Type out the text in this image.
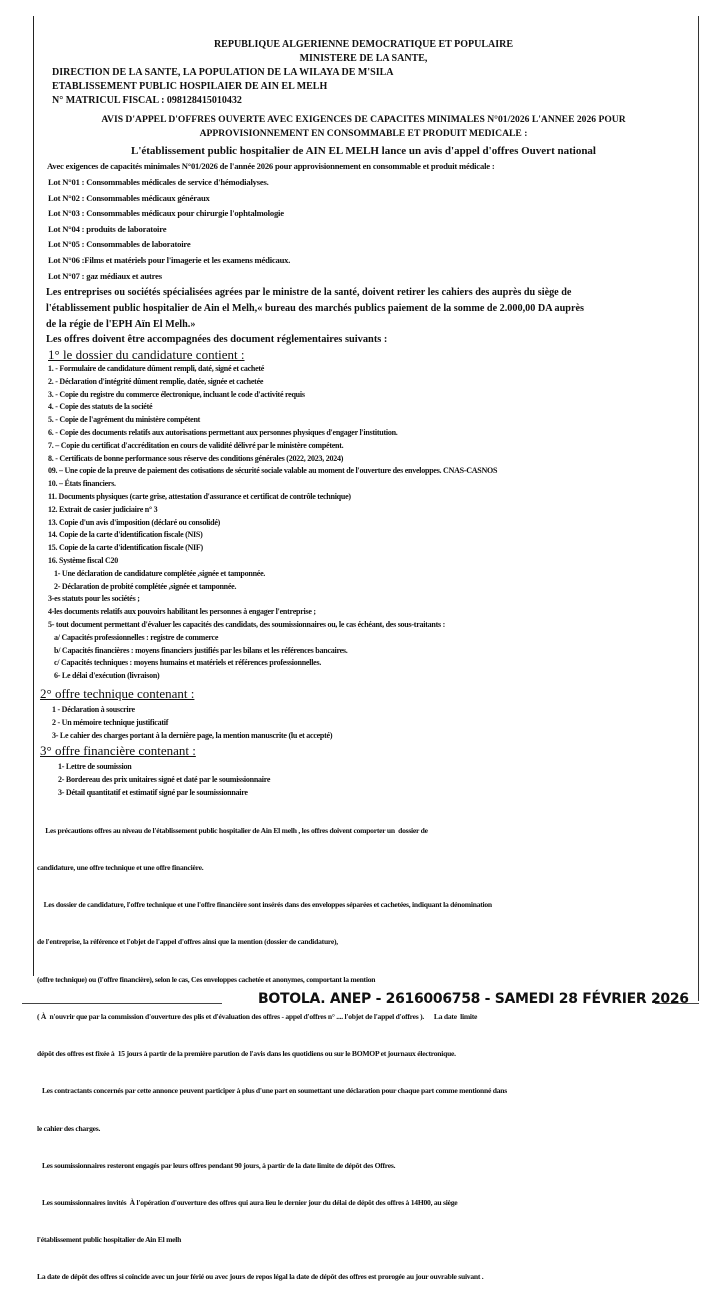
REPUBLIQUE ALGERIENNE DEMOCRATIQUE ET POPULAIRE
MINISTERE DE LA SANTE,
DIRECTION DE LA SANTE, LA POPULATION DE LA WILAYA DE M'SILA
ETABLISSEMENT PUBLIC HOSPILAIER DE AIN EL MELH
N° MATRICUL FISCAL : 098128415010432
AVIS D'APPEL D'OFFRES OUVERTE AVEC EXIGENCES DE CAPACITES MINIMALES N°01/2026 L'ANNEE 2026 POUR
APPROVISIONNEMENT EN CONSOMMABLE ET PRODUIT MEDICALE :
L'établissement public hospitalier de AIN EL MELH lance un avis d'appel d'offres Ouvert national
Avec exigences de capacités minimales N°01/2026 de l'année 2026 pour approvisionnement en consommable et produit médicale :
Lot N°01 : Consommables médicales de service d'hémodialyses.
Lot N°02 : Consommables médicaux généraux
Lot N°03 : Consommables médicaux pour chirurgie l'ophtalmologie
Lot N°04 : produits de laboratoire
Lot N°05 : Consommables de laboratoire
Lot N°06 :Films et matériels pour l'imagerie et les examens médicaux.
Lot N°07 : gaz médiaux et autres
Les entreprises ou sociétés spécialisées agrées par le ministre de la santé, doivent retirer les cahiers des auprès du siège de
l'établissement public hospitalier de Ain el Melh,« bureau des marchés publics paiement de la somme de 2.000,00 DA auprès
de la régie de l'EPH Aïn El Melh.»
Les offres doivent être accompagnées des document réglementaires suivants :
1° le dossier du candidature contient :
1. - Formulaire de candidature dûment rempli, daté, signé et cacheté
2. - Déclaration d'intégrité dûment remplie, datée, signée et cachetée
3. - Copie du registre du commerce électronique, incluant le code d'activité requis
4. - Copie des statuts de la société
5. - Copie de l'agrément du ministère compétent
6. - Copie des documents relatifs aux autorisations permettant aux personnes physiques d'engager l'institution.
7. – Copie du certificat d'accréditation en cours de validité délivré par le ministère compétent.
8. - Certificats de bonne performance sous réserve des conditions générales (2022, 2023, 2024)
09. – Une copie de la preuve de paiement des cotisations de sécurité sociale valable au moment de l'ouverture des enveloppes. CNAS-CASNOS
10. – États financiers.
11. Documents physiques (carte grise, attestation d'assurance et certificat de contrôle technique)
12. Extrait de casier judiciaire n° 3
13. Copie d'un avis d'imposition (déclaré ou consolidé)
14. Copie de la carte d'identification fiscale (NIS)
15. Copie de la carte d'identification fiscale (NIF)
16. Système fiscal C20
1- Une déclaration de candidature complétée ,signée et tamponnée.
2- Déclaration de probité complétée ,signée et tamponnée.
3-es statuts pour les sociétés ;
4-les documents relatifs aux pouvoirs habilitant les personnes à engager l'entreprise ;
5- tout document permettant d'évaluer les capacités des candidats, des soumissionnaires ou, le cas échéant, des sous-traitants :
a/ Capacités professionnelles : registre de commerce
b/ Capacités financières : moyens financiers justifiés par les bilans et les références bancaires.
c/ Capacités techniques : moyens humains et matériels et références professionnelles.
6- Le délai d'exécution (livraison)
2° offre technique contenant :
1 - Déclaration à souscrire
2 - Un mémoire technique justificatif
3- Le cahier des charges portant à la dernière page, la mention manuscrite (lu et accepté)
3° offre financière contenant :
1- Lettre de soumission
2- Bordereau des prix unitaires signé et daté par le soumissionnaire
3- Détail quantitatif et estimatif signé par le soumissionnaire

Les précautions offres au niveau de l'établissement public hospitalier de Ain El melh , les offres doivent comporter un  dossier de

candidature, une offre technique et une offre financière.

Les dossier de candidature, l'offre technique et une l'offre financière sont insérés dans des enveloppes séparées et cachetées, indiquant la dénomination

de l'entreprise, la référence et l'objet de l'appel d'offres ainsi que la mention (dossier de candidature),

(offre technique) ou (l'offre financière), selon le cas, Ces enveloppes cachetée et anonymes, comportant la mention

( À  n'ouvrir que par la commission d'ouverture des plis et d'évaluation des offres - appel d'offres n° .... l'objet de l'appel d'offres ).      La date  limite

dépôt des offres est fixée à  15 jours à partir de la première parution de l'avis dans les quotidiens ou sur le BOMOP et journaux électronique.

Les contractants concernés par cette annonce peuvent participer à plus d'une part en soumettant une déclaration pour chaque part comme mentionné dans

le cahier des charges.

Les soumissionnaires resteront engagés par leurs offres pendant 90 jours, à partir de la date limite de dépôt des Offres.

Les soumissionnaires invités  À l'opération d'ouverture des offres qui aura lieu le dernier jour du délai de dépôt des offres à 14H00, au siège

l'établissement public hospitalier de Ain El melh

La date de dépôt des offres si coïncide avec un jour férié ou avec jours de repos légal la date de dépôt des offres est prorogée au jour ouvrable suivant .

BOTOLA. ANEP - 2616006758 - SAMEDI 28 FÉVRIER 2026
